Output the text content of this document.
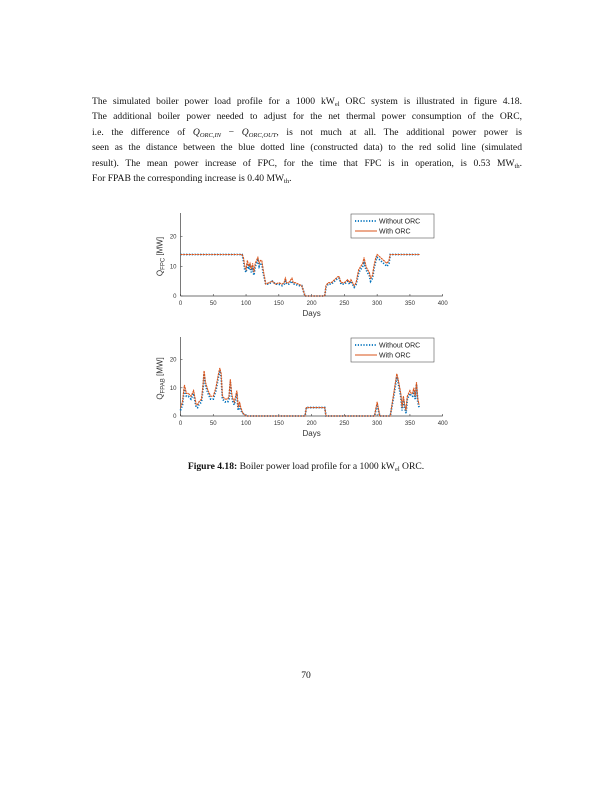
The simulated boiler power load profile for a 1000 $kW_{el}$ ORC system is illustrated in figure 4.18.
The additional boiler power needed to adjust for the net thermal power consumption of the ORC,
i.e. the difference of $Q_{ORC,IN} - Q_{ORC,OUT}$, is not much at all. The additional power power is
seen as the distance between the blue dotted line (constructed data) to the red solid line (simulated
result). The mean power increase of FPC, for the time that FPC is in operation, is 0.53 $MW_{th}$.
For FPAB the corresponding increase is 0.40 $MW_{th}$.
0	50	100	150	200	250	300	350	400
0
10
20
Days
$Q_{FPC}$ [MW]
Without ORC
With ORC
0	50	100	150	200	250	300	350	400
0
10
20
Days
$Q_{FPAB}$ [MW]
Without ORC
With ORC
Figure 4.18: Boiler power load profile for a 1000 $kW_{el}$ ORC.
70
